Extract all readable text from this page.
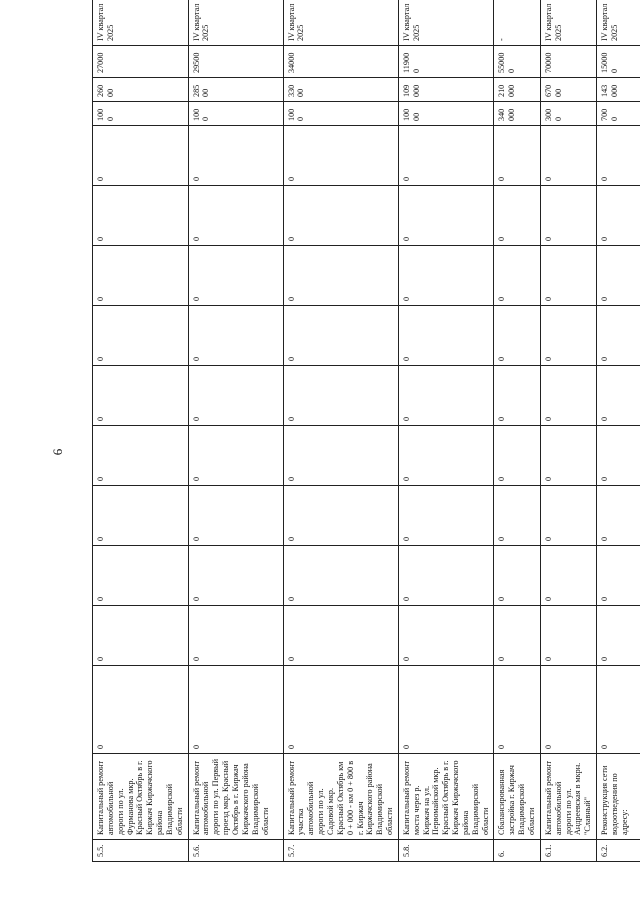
6
5.5.	Капитальный ремонт автомобильной дороги по ул. Фурманова мкр. Красный Октябрь в г. Киржач Киржачского района Владимирской области	0	0	0	0	0	0	0	0	0	0	1000	26000	27000	IV квартал 2025
5.6.	Капитальный ремонт автомобильной дороги по ул. Первый проезд мкр. Красный Октябрь в г. Киржач Киржачского района Владимирской области	0	0	0	0	0	0	0	0	0	0	1000	28500	29500	IV квартал 2025
5.7.	Капитальный ремонт участка автомобильной дороги по ул. Садовой мкр. Красный Октябрь км 0 + 000 - км 0 + 800 в г. Киржач Киржачского района Владимирской области	0	0	0	0	0	0	0	0	0	0	1000	33000	34000	IV квартал 2025
5.8.	Капитальный ремонт моста через р. Киржач на ул. Первомайской мкр. Красный Октябрь в г. Киржач Киржачского района Владимирской области	0	0	0	0	0	0	0	0	0	0	10000	109000	119000	IV квартал 2025
6.	Сбалансированная застройка г. Киржач Владимирской области	0	0	0	0	0	0	0	0	0	0	340000	210000	550000	-
6.1.	Капитальный ремонт автомобильной дороги по ул. Андреевская в мкрн. "Славный"	0	0	0	0	0	0	0	0	0	0	3000	67000	70000	IV квартал 2025
6.2.	Реконструкция сети водоотведения по адресу:	0	0	0	0	0	0	0	0	0	0	7000	143000	150000	IV квартал 2025
